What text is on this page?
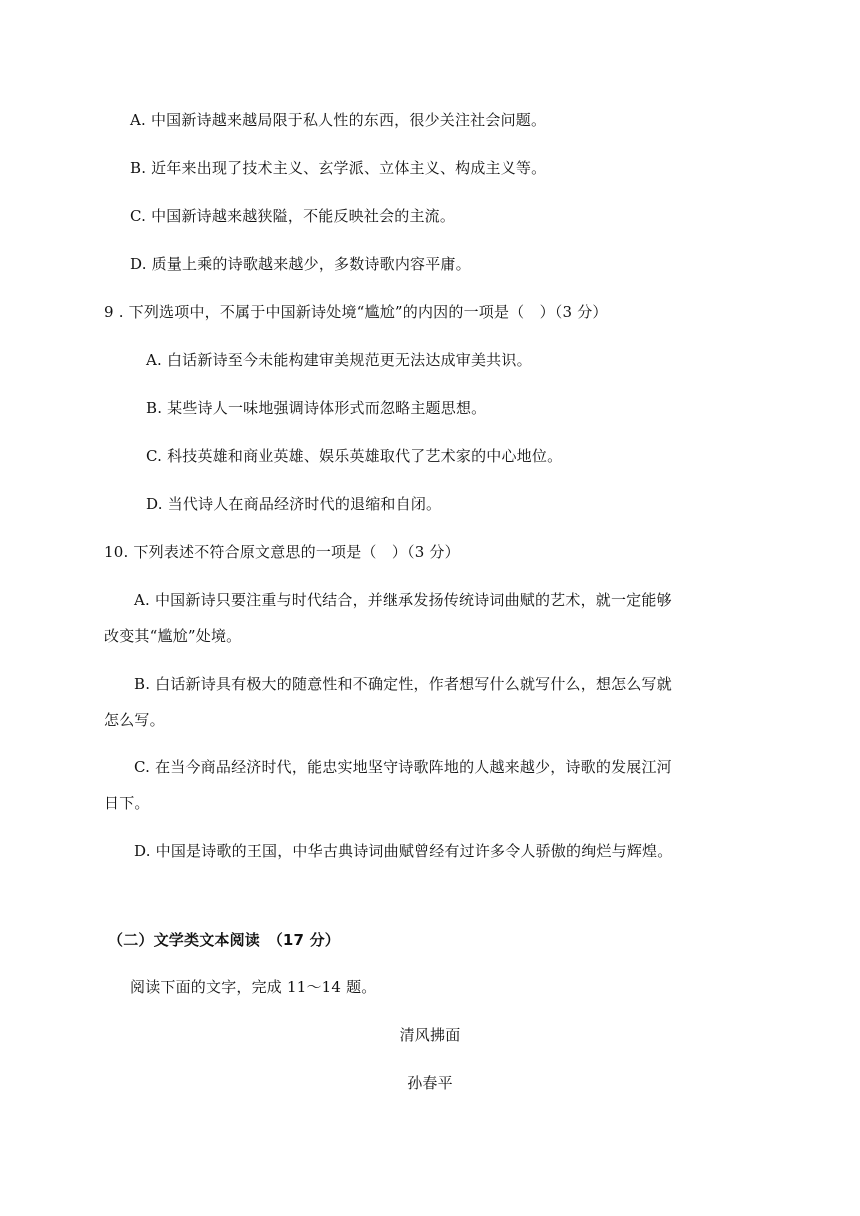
A. 中国新诗越来越局限于私人性的东西，很少关注社会问题。
B. 近年来出现了技术主义、玄学派、立体主义、构成主义等。
C. 中国新诗越来越狭隘，不能反映社会的主流。
D. 质量上乘的诗歌越来越少，多数诗歌内容平庸。
9 . 下列选项中，不属于中国新诗处境“尴尬”的内因的一项是（　）（3 分）
A. 白话新诗至今未能构建审美规范更无法达成审美共识。
B. 某些诗人一味地强调诗体形式而忽略主题思想。
C. 科技英雄和商业英雄、娱乐英雄取代了艺术家的中心地位。
D. 当代诗人在商品经济时代的退缩和自闭。
10. 下列表述不符合原文意思的一项是（　）（3 分）
A. 中国新诗只要注重与时代结合，并继承发扬传统诗词曲赋的艺术，就一定能够
改变其“尴尬”处境。
B. 白话新诗具有极大的随意性和不确定性，作者想写什么就写什么，想怎么写就
怎么写。
C. 在当今商品经济时代，能忠实地坚守诗歌阵地的人越来越少，诗歌的发展江河
日下。
D. 中国是诗歌的王国，中华古典诗词曲赋曾经有过许多令人骄傲的绚烂与辉煌。
（二）文学类文本阅读　（17 分）
阅读下面的文字，完成 11～14 题。
清风拂面
孙春平
